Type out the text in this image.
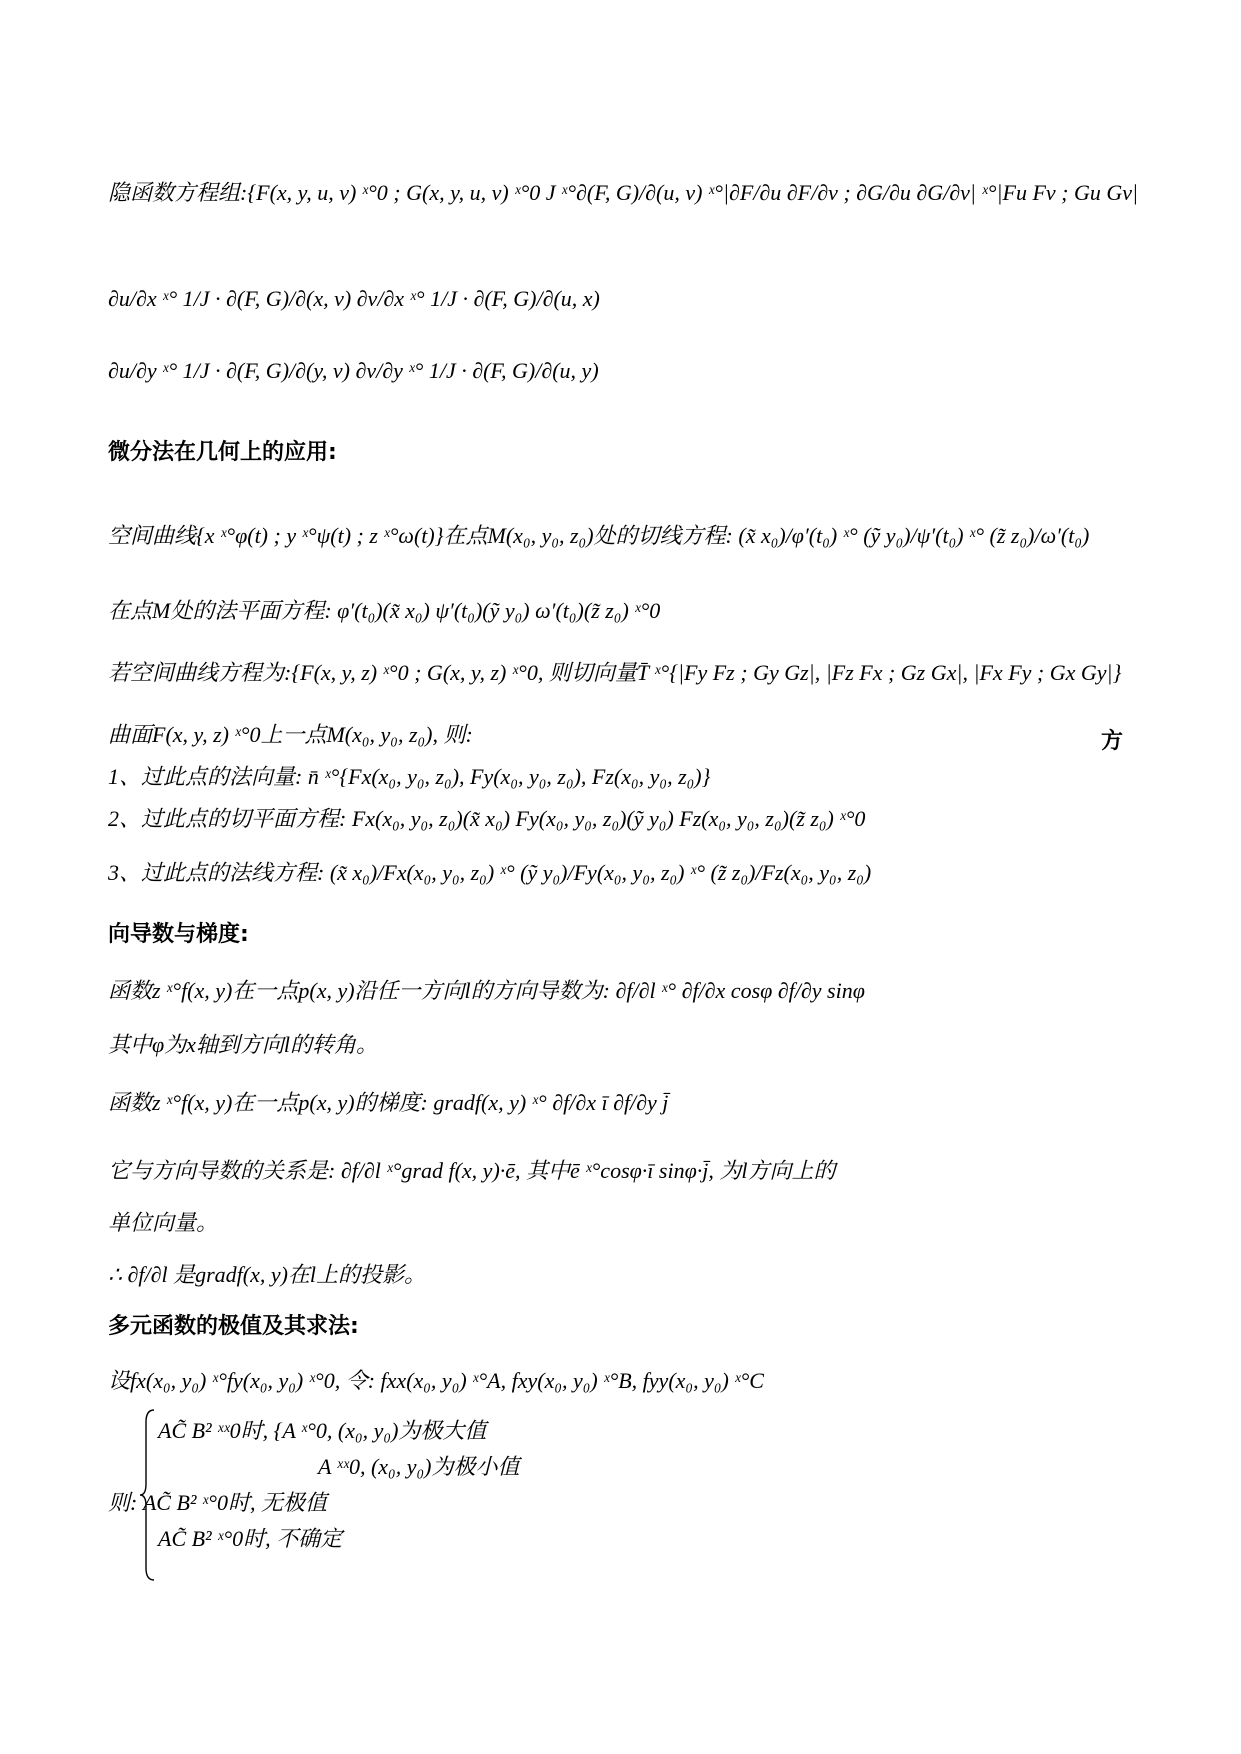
隐函数方程组:{F(x, y, u, v) ˣ°0 ; G(x, y, u, v) ˣ°0 J ˣ°∂(F, G)/∂(u, v) ˣ°|∂F/∂u ∂F/∂v ; ∂G/∂u ∂G/∂v| ˣ°|Fu Fv ; Gu Gv|
∂u/∂x ˣ° 1/J · ∂(F, G)/∂(x, v) ∂v/∂x ˣ° 1/J · ∂(F, G)/∂(u, x)
∂u/∂y ˣ° 1/J · ∂(F, G)/∂(y, v) ∂v/∂y ˣ° 1/J · ∂(F, G)/∂(u, y)
微分法在几何上的应用:
空间曲线{x ˣ°φ(t) ; y ˣ°ψ(t) ; z ˣ°ω(t)}在点M(x₀, y₀, z₀)处的切线方程: (x̃ x₀)/φ′(t₀) ˣ° (ỹ y₀)/ψ′(t₀) ˣ° (z̃ z₀)/ω′(t₀)
在点M处的法平面方程: φ′(t₀)(x̃ x₀) ψ′(t₀)(ỹ y₀) ω′(t₀)(z̃ z₀) ˣ°0
若空间曲线方程为:{F(x, y, z) ˣ°0 ; G(x, y, z) ˣ°0, 则切向量T̄ ˣ°{|Fy Fz ; Gy Gz|, |Fz Fx ; Gz Gx|, |Fx Fy ; Gx Gy|}
曲面F(x, y, z) ˣ°0上一点M(x₀, y₀, z₀), 则:	方
1、过此点的法向量: n̄ ˣ°{Fx(x₀, y₀, z₀), Fy(x₀, y₀, z₀), Fz(x₀, y₀, z₀)}
2、过此点的切平面方程: Fx(x₀, y₀, z₀)(x̃ x₀) Fy(x₀, y₀, z₀)(ỹ y₀) Fz(x₀, y₀, z₀)(z̃ z₀) ˣ°0
3、过此点的法线方程: (x̃ x₀)/Fx(x₀, y₀, z₀) ˣ° (ỹ y₀)/Fy(x₀, y₀, z₀) ˣ° (z̃ z₀)/Fz(x₀, y₀, z₀)
向导数与梯度:
函数z ˣ°f(x, y)在一点p(x, y)沿任一方向l的方向导数为: ∂f/∂l ˣ° ∂f/∂x cosφ ∂f/∂y sinφ
其中φ为x轴到方向l的转角。
函数z ˣ°f(x, y)在一点p(x, y)的梯度: gradf(x, y) ˣ° ∂f/∂x ī ∂f/∂y j̄
它与方向导数的关系是: ∂f/∂l ˣ°grad f(x, y)·ē, 其中ē ˣ°cosφ·ī sinφ·j̄, 为l方向上的
单位向量。
∴ ∂f/∂l 是gradf(x, y)在l上的投影。
多元函数的极值及其求法:
设fx(x₀, y₀) ˣ°fy(x₀, y₀) ˣ°0, 令: fxx(x₀, y₀) ˣ°A, fxy(x₀, y₀) ˣ°B, fyy(x₀, y₀) ˣ°C
AC̃ B² ˣˣ0时, {A ˣ°0, (x₀, y₀)为极大值
A ˣˣ0, (x₀, y₀)为极小值
则: AC̃ B² ˣ°0时, 无极值
AC̃ B² ˣ°0时, 不确定
